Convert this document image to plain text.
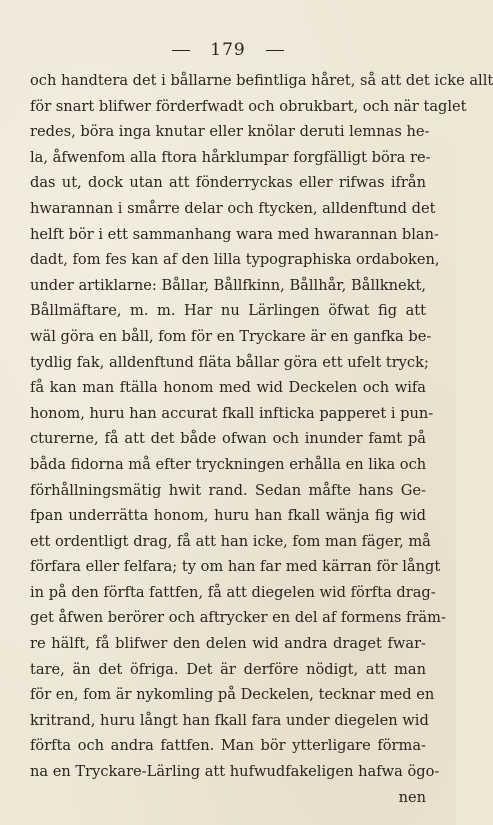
179
och handtera det i bållarne befintliga håret, så att det icke allt
för snart blifwer förderfwadt och obrukbart, och när taglet
redes, böra inga knutar eller knölar deruti lemnas he-
la, åfwenfom alla ftora hårklumpar forgfälligt böra re-
das ut, dock utan att fönderryckas eller rifwas ifrån
hwarannan i smårre delar och ftycken, alldenftund det
helft bör i ett sammanhang wara med hwarannan blan-
dadt, fom fes kan af den lilla typographiska ordaboken,
under artiklarne: Bållar, Bållfkinn, Bållhår, Bållknekt,
Bållmäftare, m. m. Har nu Lärlingen öfwat fig att
wäl göra en båll, fom för en Tryckare är en ganfka be-
tydlig fak, alldenftund fläta bållar göra ett ufelt tryck;
få kan man ftälla honom med wid Deckelen och wifa
honom, huru han accurat fkall infticka papperet i pun-
cturerne, få att det både ofwan och inunder famt på
båda fidorna må efter tryckningen erhålla en lika och
förhållningsmätig hwit rand. Sedan måfte hans Ge-
fpan underrätta honom, huru han fkall wänja fig wid
ett ordentligt drag, få att han icke, fom man fäger, må
förfara eller felfara; ty om han far med kärran för långt
in på den förfta fattfen, få att diegelen wid förfta drag-
get åfwen berörer och aftrycker en del af formens främ-
re hälft, få blifwer den delen wid andra draget fwar-
tare, än det öfriga. Det är derföre nödigt, att man
för en, fom är nykomling på Deckelen, tecknar med en
kritrand, huru långt han fkall fara under diegelen wid
förfta och andra fattfen. Man bör ytterligare förma-
na en Tryckare-Lärling att hufwudfakeligen hafwa ögo-
nen
